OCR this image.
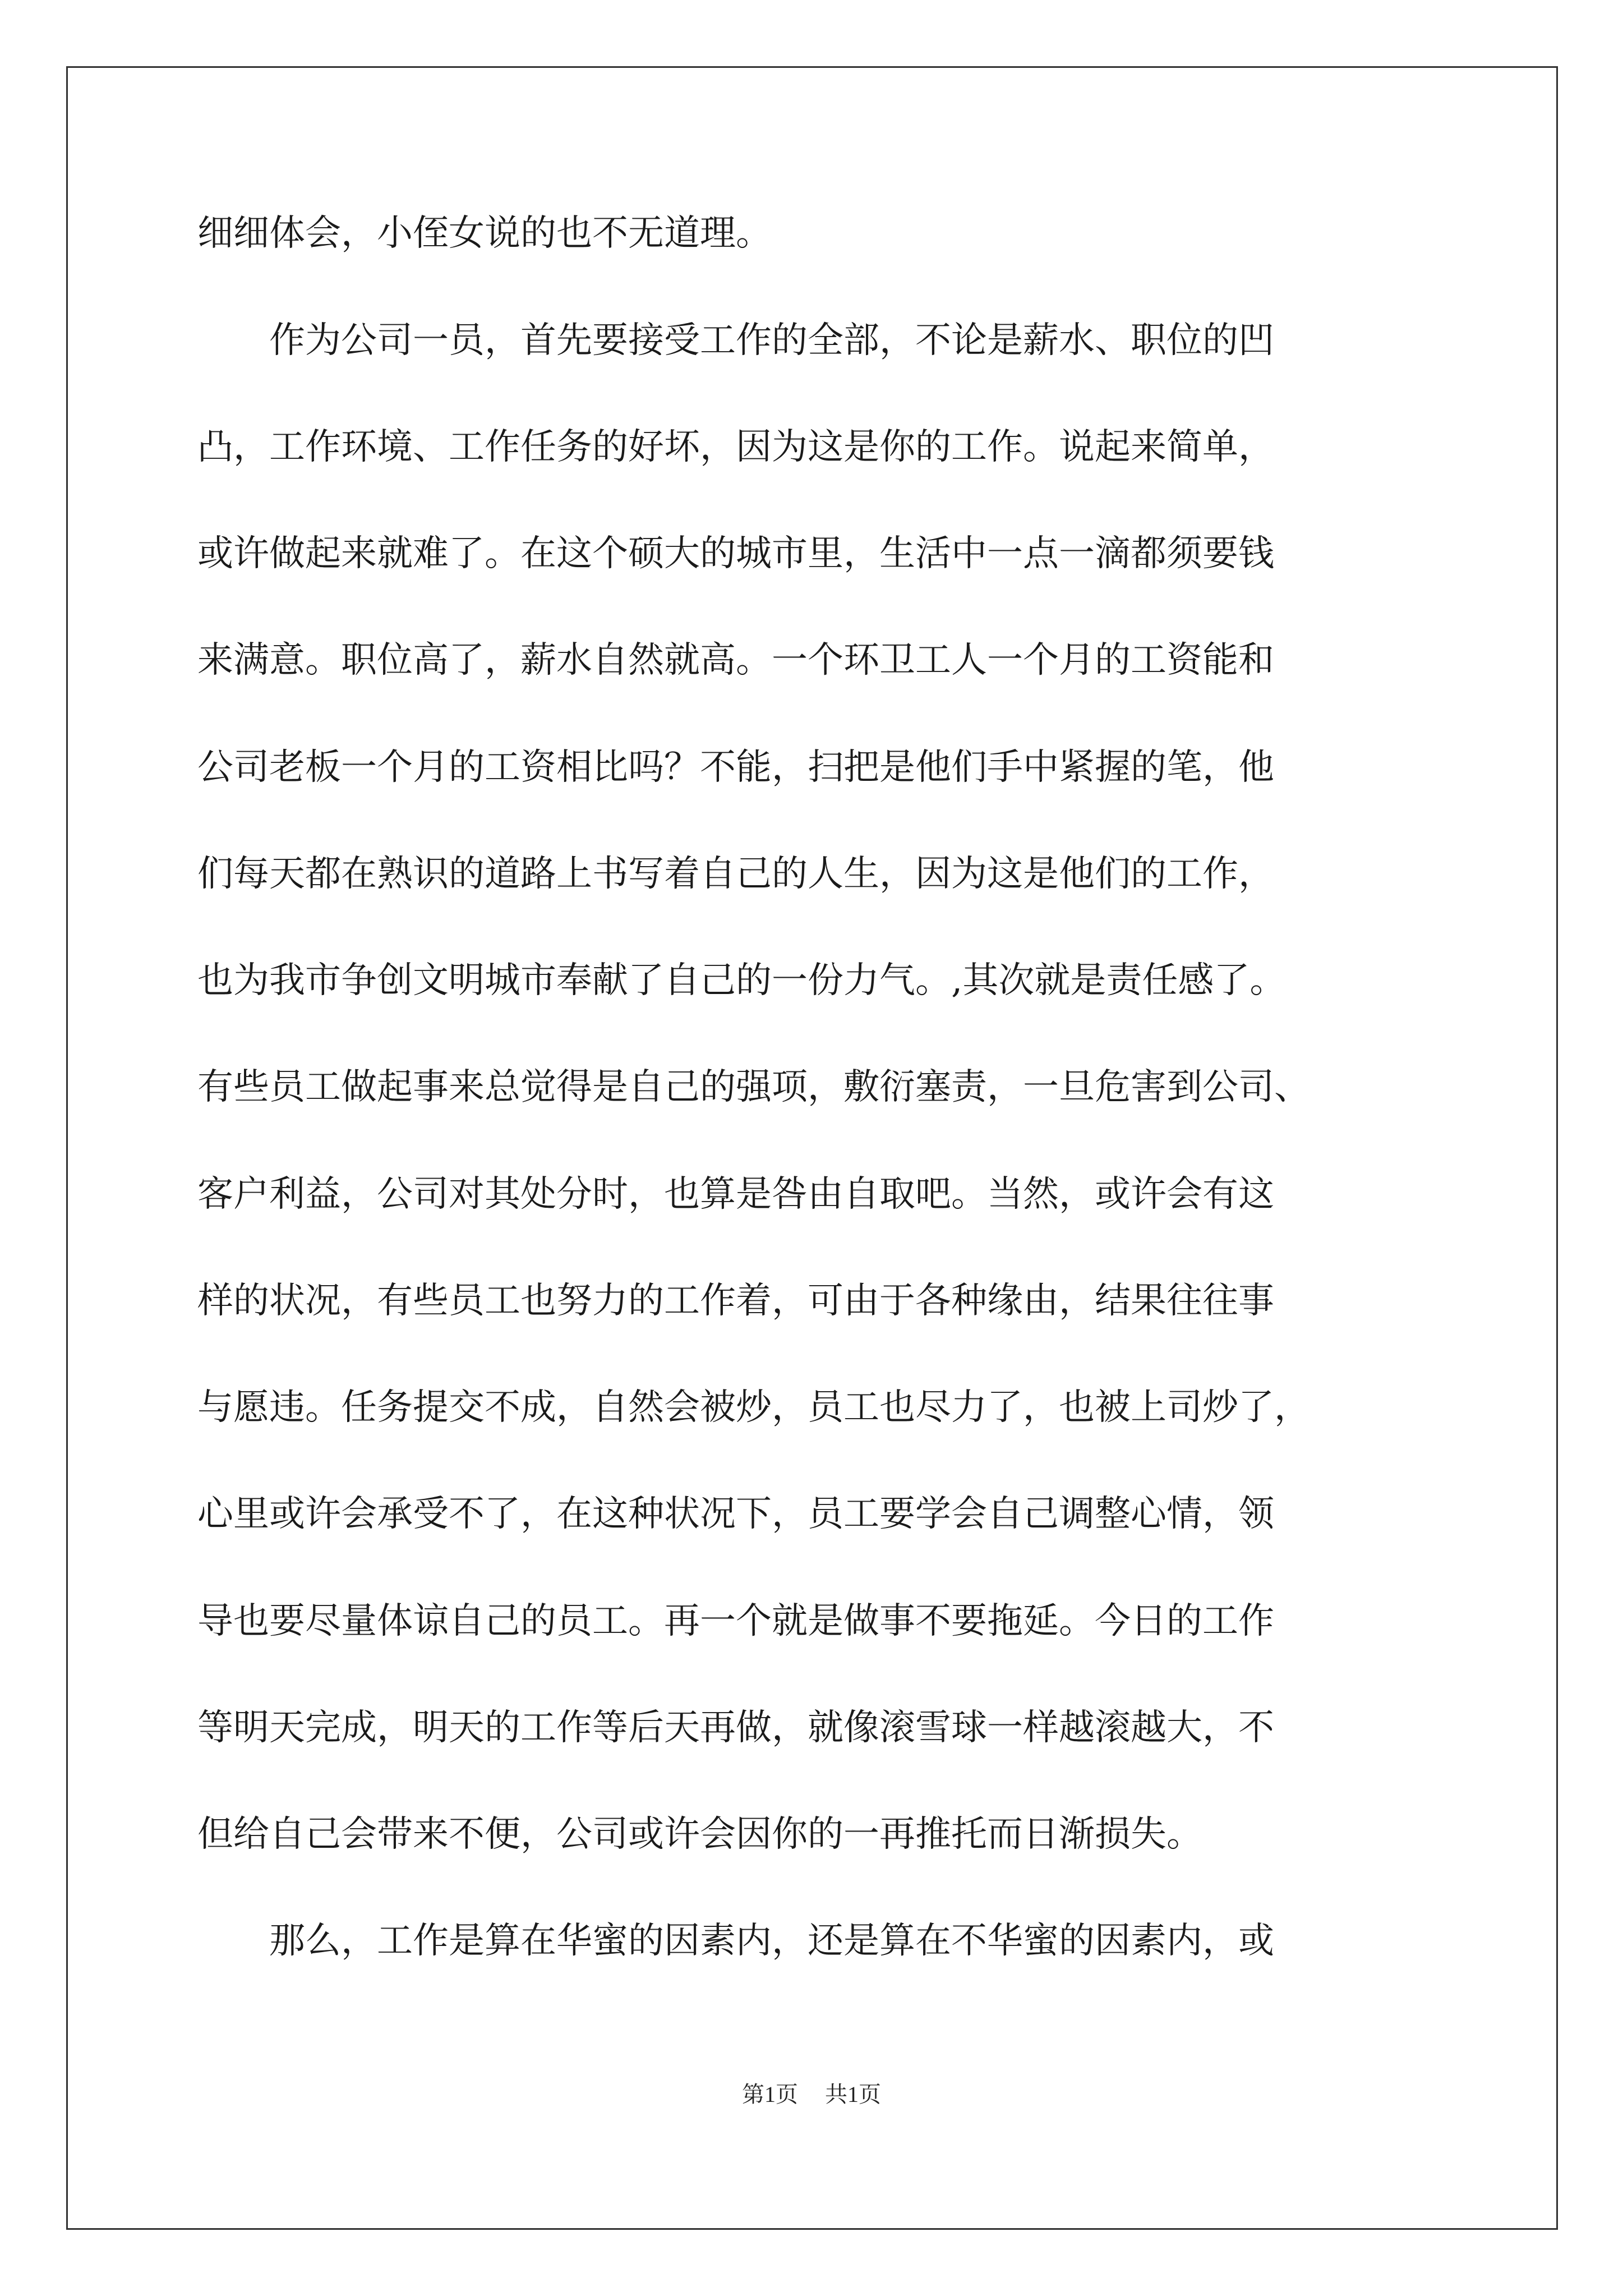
细细体会，小侄女说的也不无道理。

　　作为公司一员，首先要接受工作的全部，不论是薪水、职位的凹

凸，工作环境、工作任务的好坏，因为这是你的工作。说起来简单，

或许做起来就难了。在这个硕大的城市里，生活中一点一滴都须要钱

来满意。职位高了，薪水自然就高。一个环卫工人一个月的工资能和

公司老板一个月的工资相比吗？不能，扫把是他们手中紧握的笔，他

们每天都在熟识的道路上书写着自己的人生，因为这是他们的工作，

也为我市争创文明城市奉献了自己的一份力气。,其次就是责任感了。

有些员工做起事来总觉得是自己的强项，敷衍塞责，一旦危害到公司、

客户利益，公司对其处分时，也算是咎由自取吧。当然，或许会有这

样的状况，有些员工也努力的工作着，可由于各种缘由，结果往往事

与愿违。任务提交不成，自然会被炒，员工也尽力了，也被上司炒了，

心里或许会承受不了，在这种状况下，员工要学会自己调整心情，领

导也要尽量体谅自己的员工。再一个就是做事不要拖延。今日的工作

等明天完成，明天的工作等后天再做，就像滚雪球一样越滚越大，不

但给自己会带来不便，公司或许会因你的一再推托而日渐损失。

　　那么，工作是算在华蜜的因素内，还是算在不华蜜的因素内，或

第1页 共1页
